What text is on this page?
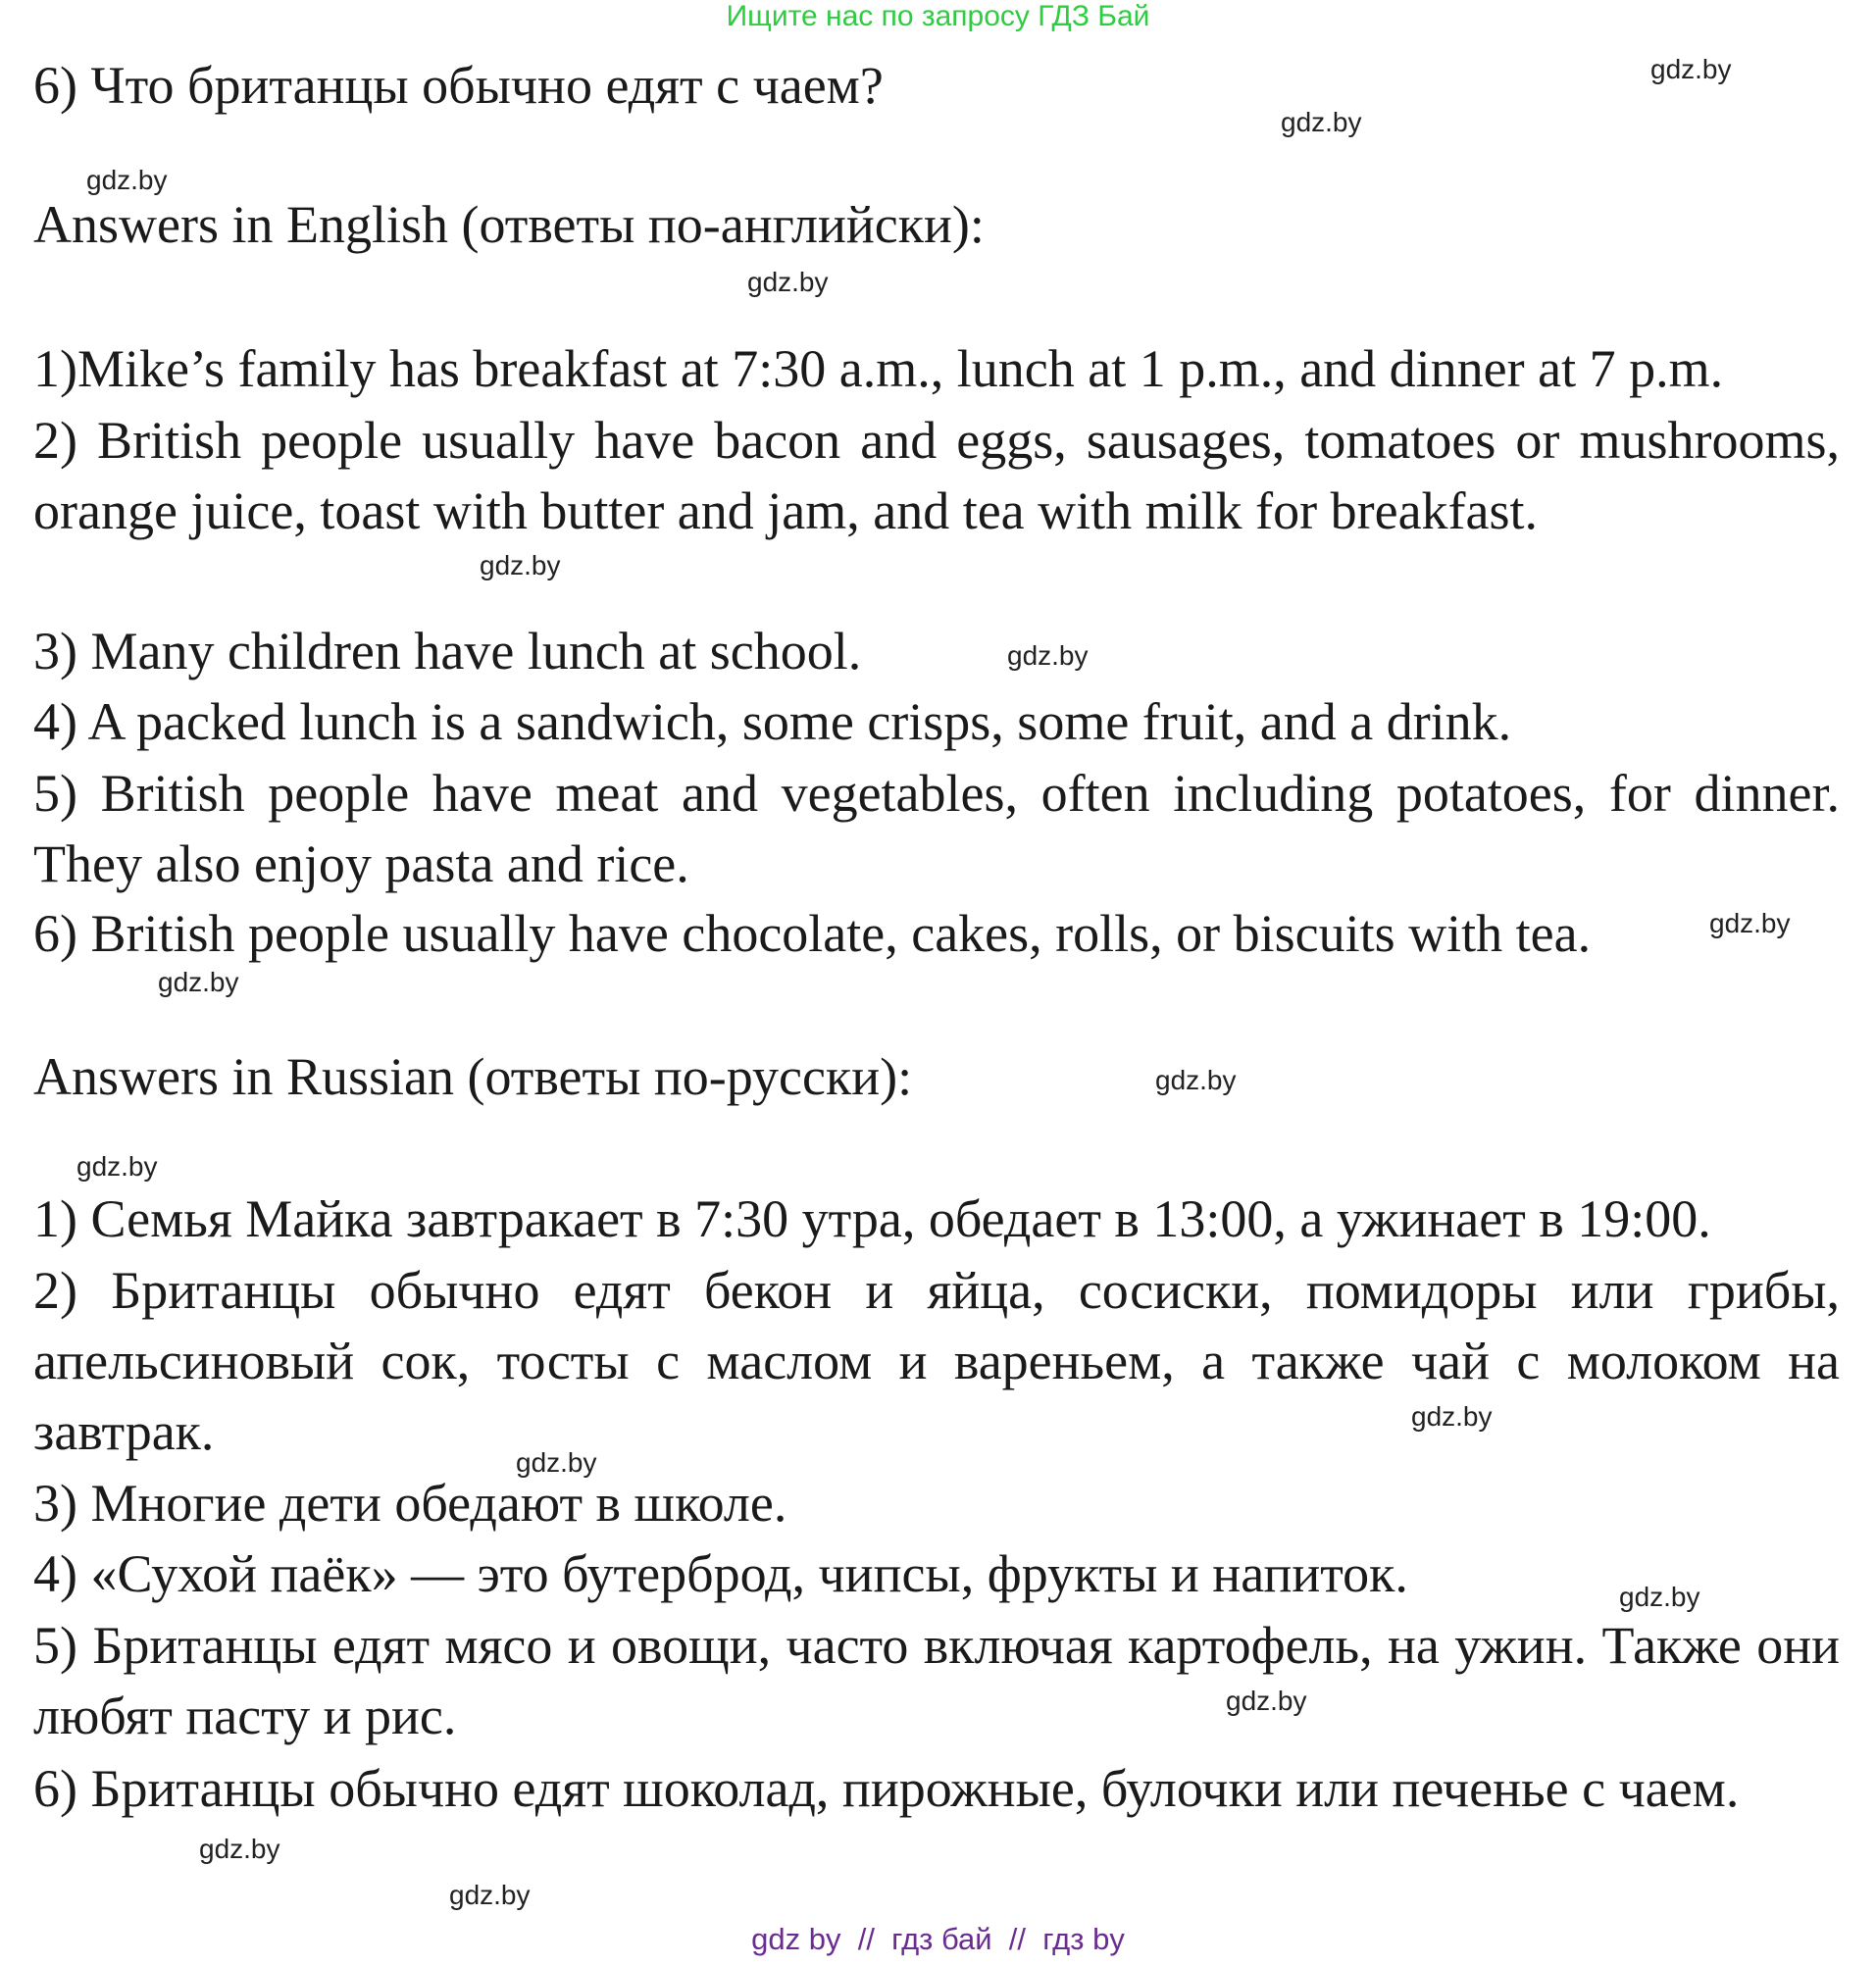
Ищите нас по запросу ГДЗ Бай
6) Что британцы обычно едят с чаем?
Answers in English (ответы по-английски):
1)Mike’s family has breakfast at 7:30 a.m., lunch at 1 p.m., and dinner at 7 p.m.
2) British people usually have bacon and eggs, sausages, tomatoes or mushrooms, orange juice, toast with butter and jam, and tea with milk for breakfast.
3) Many children have lunch at school.
4) A packed lunch is a sandwich, some crisps, some fruit, and a drink.
5) British people have meat and vegetables, often including potatoes, for dinner. They also enjoy pasta and rice.
6) British people usually have chocolate, cakes, rolls, or biscuits with tea.
Answers in Russian (ответы по-русски):
1) Семья Майка завтракает в 7:30 утра, обедает в 13:00, а ужинает в 19:00.
2) Британцы обычно едят бекон и яйца, сосиски, помидоры или грибы, апельсиновый сок, тосты с маслом и вареньем, а также чай с молоком на завтрак.
3) Многие дети обедают в школе.
4) «Сухой паёк» — это бутерброд, чипсы, фрукты и напиток.
5) Британцы едят мясо и овощи, часто включая картофель, на ужин. Также они любят пасту и рис.
6) Британцы обычно едят шоколад, пирожные, булочки или печенье с чаем.
gdz.by
gdz.by
gdz.by
gdz.by
gdz.by
gdz.by
gdz.by
gdz.by
gdz.by
gdz.by
gdz.by
gdz.by
gdz.by
gdz.by
gdz.by
gdz.by
gdz by  //  гдз бай  //  гдз by
